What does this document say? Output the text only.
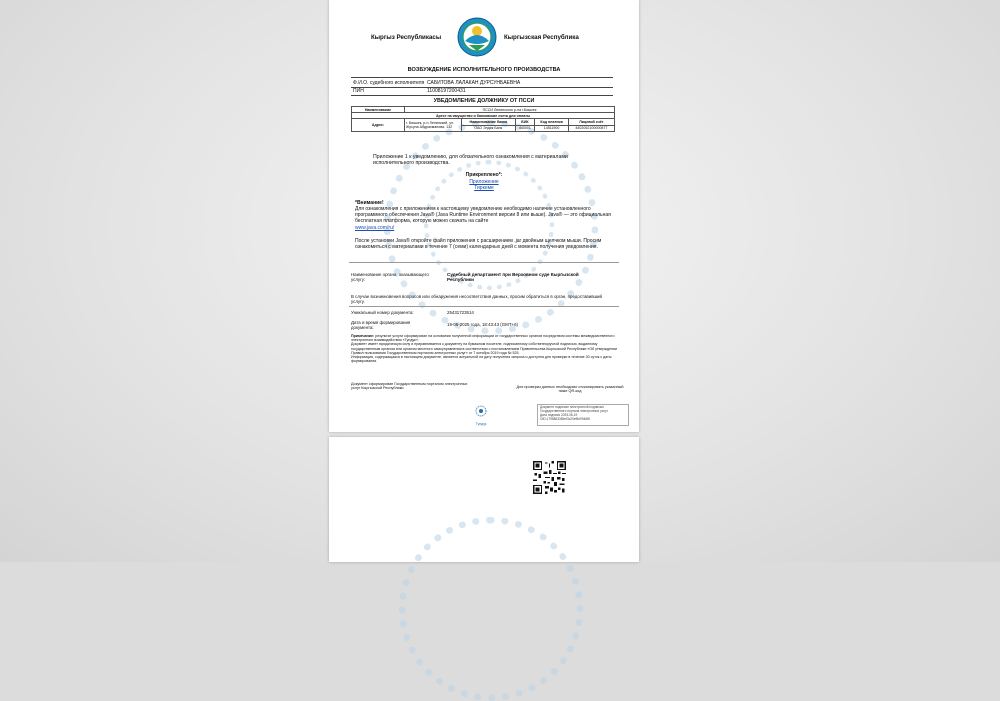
Кыргыз Республикасы	Кыргызская Республика
ВОЗБУЖДЕНИЕ ИСПОЛНИТЕЛЬНОГО ПРОИЗВОДСТВА
Ф.И.О. судебного исполнителя САБИТОВА ЛАЛАКАН ДУРСУНБАЕВНА
ПИН	11008197200431
УВЕДОМЛЕНИЕ ДОЛЖНИКУ ОТ ПССИ
Наименование	ПССИ Ленинского р-на г.Бишкек				
Арест на имущество и банковские счета для оплаты					
Адрес:	г. Бишкек, р-н Ленинский, ул. Жусупа Абдрахманова, 132	Наименование банка	БИК	Код платежа	Лицевой счёт
		ОАО Элдик Банк	440001	14511900	4402052100000877
Приложение 1 к уведомлению, для обязательного ознакомления с материалами исполнительного производства.
Прикреплено*:
Приложение
Тиркеме
*Внимание!
Для ознакомления с приложением к настоящему уведомлению необходимо наличие установленного программного обеспечения Java® (Java Runtime Environment версии 8 или выше). Java® — это официальная бесплатная платформа, которую можно скачать на сайте
www.java.com/ru/
После установки Java® откройте файл приложения с расширением .jar двойным щелчком мыши. Просим ознакомиться с материалами в течение 7 (семи) календарных дней с момента получения уведомления.
Наименование органа, оказывающего услугу:
Судебный департамент при Верховном суде Кыргызской Республики
В случае возникновения вопросов или обнаружения несоответствия данных, просим обратиться в орган, предоставивший услугу.
Уникальный номер документа:	25431723514
Дата и время формирования документа:
19-06-2025 года, 18:43:43 (GMT+6)
Примечание: результат услуги сформирован на основании полученной информации от государственных органов посредством системы межведомственного электронного взаимодействия «Тундук».
Документ имеет юридическую силу и приравнивается к документу на бумажном носителе, подписанному собственноручной подписью, выданному государственным органом или органом местного самоуправления в соответствии с постановлением Правительства Кыргызской Республики «Об утверждении Правил пользования Государственным порталом электронных услуг» от 7 октября 2019 года № 525.
Информация, содержащаяся в настоящем документе, является актуальной на дату получения запроса и доступна для проверки в течение 30 суток с даты формирования.
Документ сформирован Государственным порталом электронных услуг Кыргызской Республики	Для проверки данных необходимо отсканировать указанный ниже QR-код
Түндүк
Документ подписан электронной подписью
Государственного портала электронных услуг
Дата подписи 2025-06-19
OID:1795863355ef3c20ef5e9946f8
